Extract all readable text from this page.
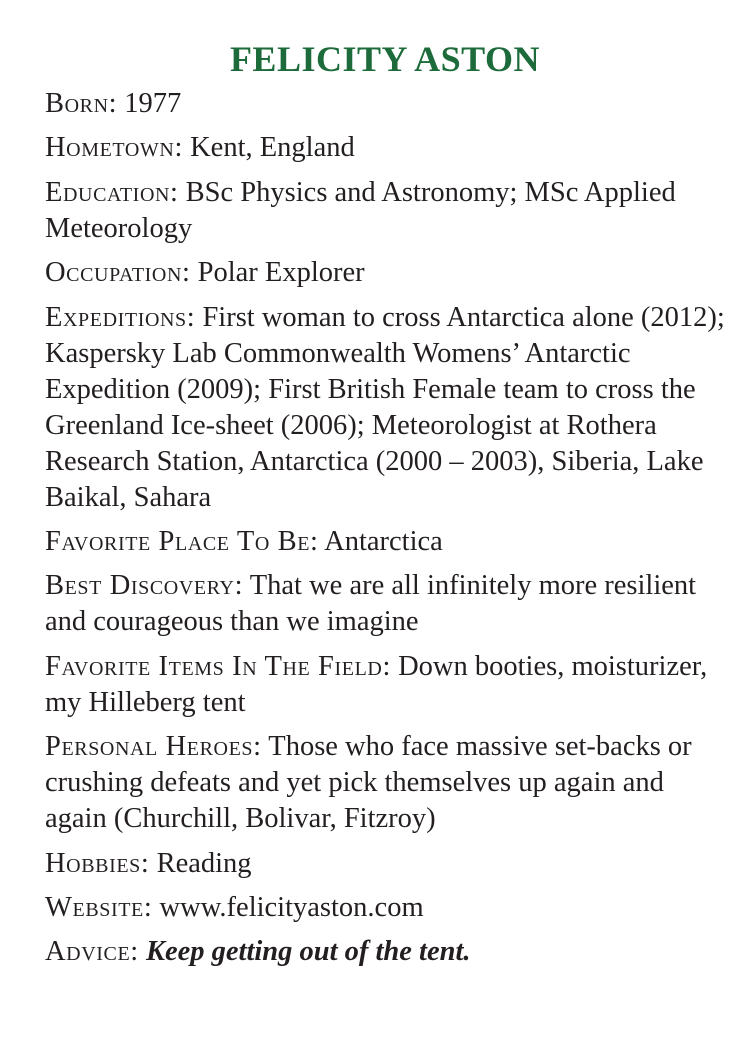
FELICITY ASTON
Born: 1977
Hometown: Kent, England
Education: BSc Physics and Astronomy; MSc Applied Meteorology
Occupation: Polar Explorer
Expeditions: First woman to cross Antarctica alone (2012); Kaspersky Lab Commonwealth Womens’ Antarctic Expedition (2009); First British Female team to cross the Greenland Ice-sheet (2006); Meteorologist at Rothera Research Station, Antarctica (2000 – 2003), Siberia, Lake Baikal, Sahara
Favorite Place To Be: Antarctica
Best Discovery: That we are all infinitely more resilient and courageous than we imagine
Favorite Items In The Field: Down booties, moisturizer, my Hilleberg tent
Personal Heroes: Those who face massive set-backs or crushing defeats and yet pick themselves up again and again (Churchill, Bolivar, Fitzroy)
Hobbies: Reading
Website: www.felicityaston.com
Advice: Keep getting out of the tent.
